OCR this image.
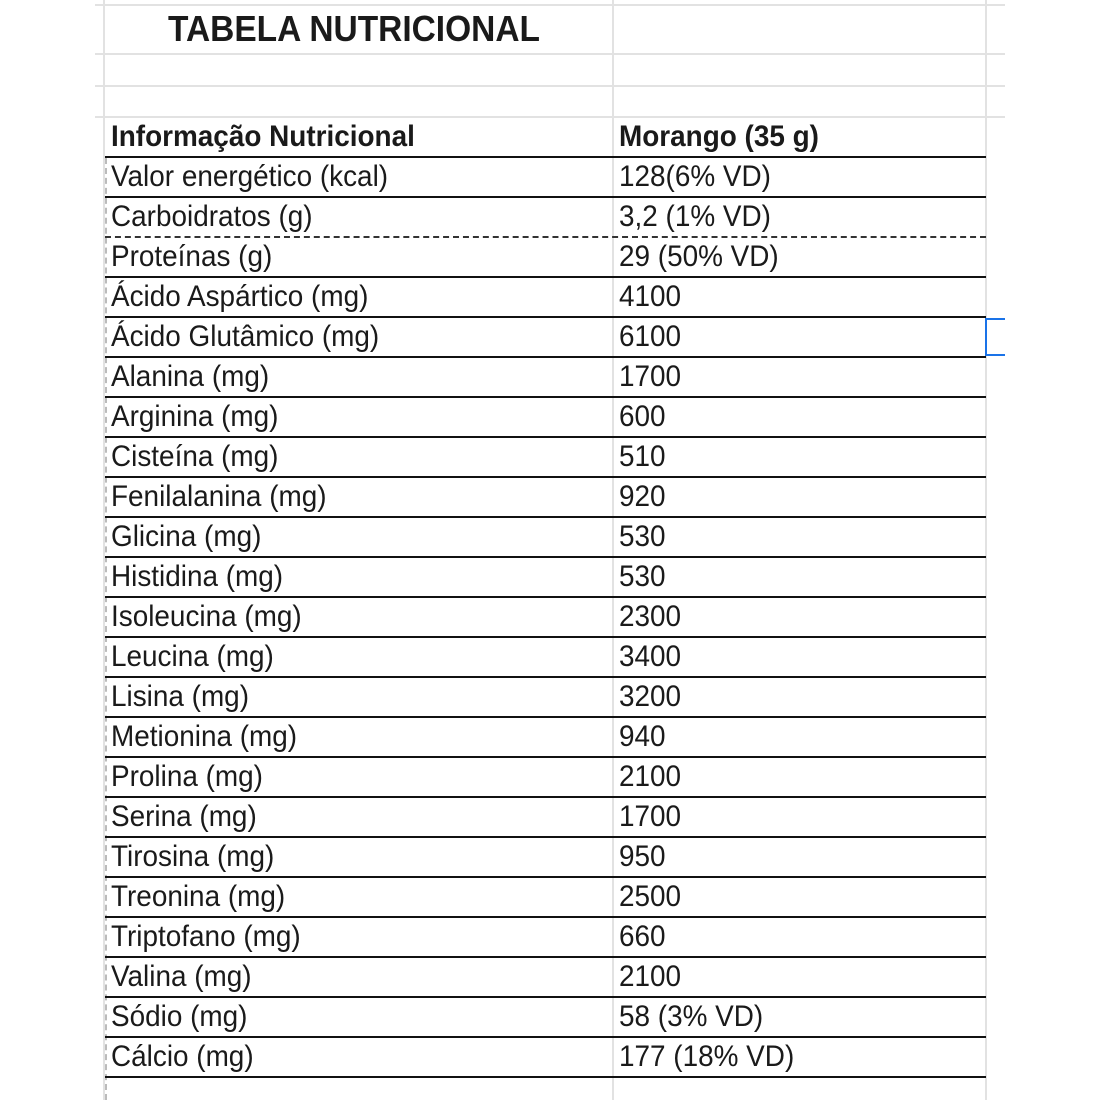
TABELA NUTRICIONAL
Informação Nutricional	Morango (35 g)
Valor energético (kcal)	128(6% VD)
Carboidratos (g)	3,2 (1% VD)
Proteínas (g)	29 (50% VD)
Ácido Aspártico (mg)	4100
Ácido Glutâmico (mg)	6100
Alanina (mg)	1700
Arginina (mg)	600
Cisteína (mg)	510
Fenilalanina (mg)	920
Glicina (mg)	530
Histidina (mg)	530
Isoleucina (mg)	2300
Leucina (mg)	3400
Lisina (mg)	3200
Metionina (mg)	940
Prolina (mg)	2100
Serina (mg)	1700
Tirosina (mg)	950
Treonina (mg)	2500
Triptofano (mg)	660
Valina (mg)	2100
Sódio (mg)	58 (3% VD)
Cálcio (mg)	177 (18% VD)
